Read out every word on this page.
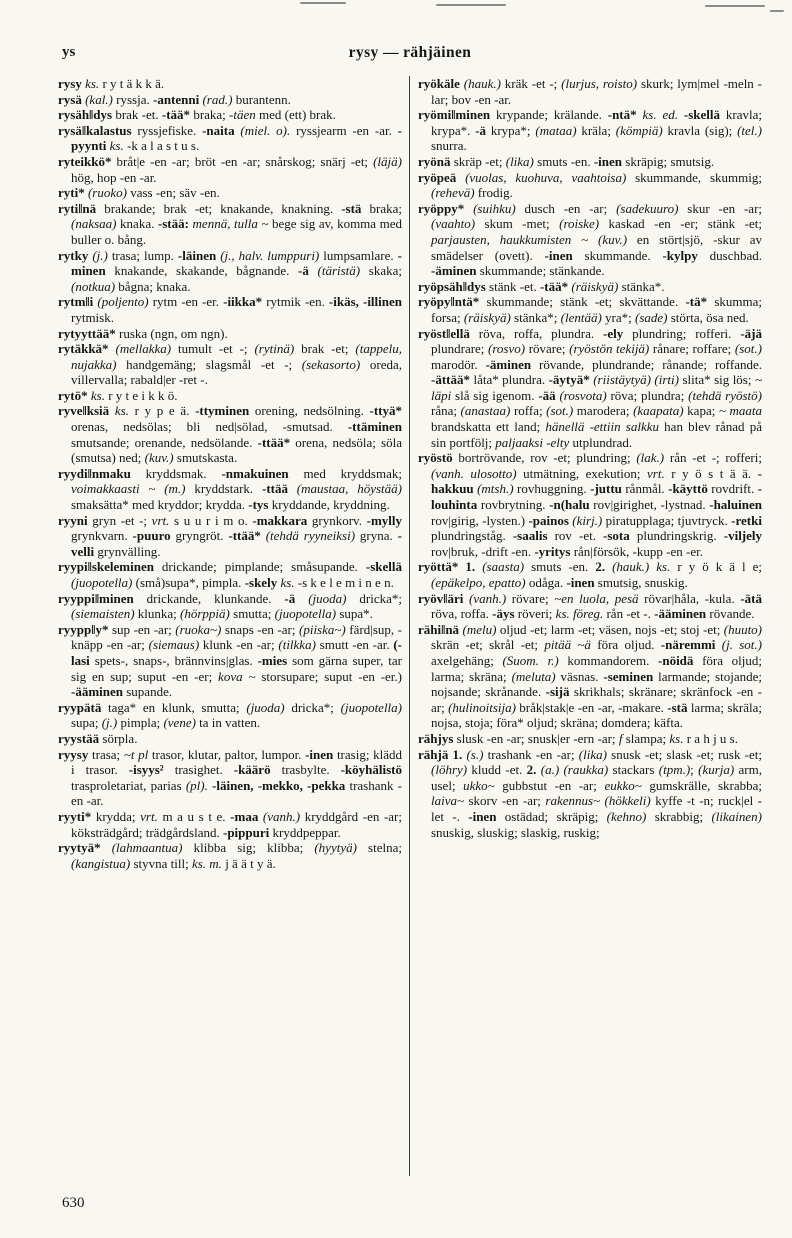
ys	rysy — rähjäinen

rysy ks. r y t ä k k ä.

rysä (kal.) ryssja. -antenni (rad.) burantenn.

rysäh‖dys brak -et. -tää* braka; -täen med (ett) brak.

rysä‖kalastus ryssjefiske. -naita (miel. o). ryssjearm -en -ar. -pyynti ks. -k a l a s t u s.

ryteikkö* bråt|e -en -ar; bröt -en -ar; snårskog; snärj -et; (läjä) hög, hop -en -ar.

ryti* (ruoko) vass -en; säv -en.

ryti‖nä brakande; brak -et; knakande, knakning. -stä braka; (naksaa) knaka. -stää: mennä, tulla ~ bege sig av, komma med buller o. bång.

rytky (j.) trasa; lump. -läinen (j., halv. lumppuri) lumpsamlare. -minen knakande, skakande, bågnande. -ä (täristä) skaka; (notkua) bågna; knaka.

rytm‖i (poljento) rytm -en -er. -iikka* rytmik -en. -ikäs, -illinen rytmisk.

rytyyttää* ruska (ngn, om ngn).

rytäkkä* (mellakka) tumult -et -; (rytinä) brak -et; (tappelu, nujakka) handgemäng; slagsmål -et -; (sekasorto) oreda, villervalla; rabald|er -ret -.

rytö* ks. r y t e i k k ö.

ryve‖ksiä ks. r y p e ä. -ttyminen orening, nedsölning. -ttyä* orenas, nedsölas; bli ned|sölad, -smutsad. -ttäminen smutsande; orenande, nedsölande. -ttää* orena, nedsöla; söla (smutsa) ned; (kuv.) smutskasta.

ryydi‖nmaku kryddsmak. -nmakuinen med kryddsmak; voimakkaasti ~ (m.) kryddstark. -ttää (maustaa, höystää) smaksätta* med kryddor; krydda. -tys kryddande, kryddning.

ryyni gryn -et -; vrt. s u u r i m o. -makkara grynkorv. -mylly grynkvarn. -puuro gryngröt. -ttää* (tehdä ryyneiksi) gryna. -velli grynvälling.

ryypi‖skeleminen drickande; pimplande; småsupande. -skellä (juopotella) (små)supa*, pimpla. -skely ks. -s k e l e m i n e n.

ryyppi‖minen drickande, klunkande. -ä (juoda) dricka*; (siemaisten) klunka; (hörppiä) smutta; (juopotella) supa*.

ryypp‖y* sup -en -ar; (ruoka~) snaps -en -ar; (piiska~) färd|sup, -knäpp -en -ar; (siemaus) klunk -en -ar; (tilkka) smutt -en -ar. (-lasi spets-, snaps-, brännvins|glas. -mies som gärna super, tar sig en sup; suput -en -er; kova ~ storsupare; suput -en -er.) -ääminen supande.

ryypätä taga* en klunk, smutta; (juoda) dricka*; (juopotella) supa; (j.) pimpla; (vene) ta in vatten.

ryystää sörpla.

ryysy trasa; ~t pl trasor, klutar, paltor, lumpor. -inen trasig; klädd i trasor. -isyys² trasighet. -käärö trasbylte. -köyhälistö trasproletariat, parias (pl). -läinen, -mekko, -pekka trashank -en -ar.

ryyti* krydda; vrt. m a u s t e. -maa (vanh.) kryddgård -en -ar; köksträdgård; trädgårdsland. -pippuri kryddpeppar.

ryytyä* (lahmaantua) klibba sig; klibba; (hyytyä) stelna; (kangistua) styvna till; ks. m. j ä ä t y ä.

ryökäle (hauk.) kräk -et -; (lurjus, roisto) skurk; lym|mel -meln -lar; bov -en -ar.

ryömi‖minen krypande; krälande. -ntä* ks. ed. -skellä kravla; krypa*. -ä krypa*; (mataa) kräla; (kömpiä) kravla (sig); (tel.) snurra.

ryönä skräp -et; (lika) smuts -en. -inen skräpig; smutsig.

ryöpeä (vuolas, kuohuva, vaahtoisa) skummande, skummig; (rehevä) frodig.

ryöppy* (suihku) dusch -en -ar; (sadekuuro) skur -en -ar; (vaahto) skum -met; (roiske) kaskad -en -er; stänk -et; parjausten, haukkumisten ~ (kuv.) en stört|sjö, -skur av smädelser (ovett). -inen skummande. -kylpy duschbad. -äminen skummande; stänkande.

ryöpsäh‖dys stänk -et. -tää* (räiskyä) stänka*.

ryöpy‖ntä* skummande; stänk -et; skvättande. -tä* skumma; forsa; (räiskyä) stänka*; (lentää) yra*; (sade) störta, ösa ned.

ryöst‖ellä röva, roffa, plundra. -ely plundring; rofferi. -äjä plundrare; (rosvo) rövare; (ryöstön tekijä) rånare; roffare; (sot.) marodör. -äminen rövande, plundrande; rånande; roffande. -ättää* låta* plundra. -äytyä* (riistäytyä) (irti) slita* sig lös; ~ läpi slå sig igenom. -ää (rosvota) röva; plundra; (tehdä ryöstö) råna; (anastaa) roffa; (sot.) marodera; (kaapata) kapa; ~ maata brandskatta ett land; hänellä -ettiin salkku han blev rånad på sin portfölj; paljaaksi -elty utplundrad.

ryöstö bortrövande, rov -et; plundring; (lak.) rån -et -; rofferi; (vanh. ulosotto) utmätning, exekution; vrt. r y ö s t ä ä. -hakkuu (mtsh.) rovhuggning. -juttu rånmål. -käyttö rovdrift. -louhinta rovbrytning. -n(halu rov|girighet, -lystnad. -haluinen rov|girig, -lysten.) -painos (kirj.) piratupplaga; tjuvtryck. -retki plundringståg. -saalis rov -et. -sota plundringskrig. -viljely rov|bruk, -drift -en. -yritys rån|försök, -kupp -en -er.

ryöttä* 1. (saasta) smuts -en. 2. (hauk.) ks. r y ö k ä l e; (epäkelpo, epatto) odåga. -inen smutsig, snuskig.

ryöv‖äri (vanh.) rövare; ~en luola, pesä rövar|håla, -kula. -ätä röva, roffa. -äys röveri; ks. föreg. rån -et -. -ääminen rövande.

rähi‖nä (melu) oljud -et; larm -et; väsen, nojs -et; stoj -et; (huuto) skrän -et; skrål -et; pitää ~ä föra oljud. -näremmi (j. sot.) axelgehäng; (Suom. r.) kommandorem. -nöidä föra oljud; larma; skräna; (meluta) väsnas. -seminen larmande; stojande; nojsande; skrånande. -sijä skrikhals; skränare; skränfock -en -ar; (hulinoitsija) bråk|stak|e -en -ar, -makare. -stä larma; skräla; nojsa, stoja; föra* oljud; skräna; domdera; käfta.

rähjys slusk -en -ar; snusk|er -ern -ar; f slampa; ks. r a h j u s.

rähjä 1. (s.) trashank -en -ar; (lika) snusk -et; slask -et; rusk -et; (löhry) kludd -et. 2. (a.) (raukka) stackars (tpm.); (kurja) arm, usel; ukko~ gubbstut -en -ar; eukko~ gumskrälle, skrabba; laiva~ skorv -en -ar; rakennus~ (hökkeli) kyffe -t -n; ruck|el -let -. -inen ostädad; skräpig; (kehno) skrabbig; (likainen) snuskig, sluskig; slaskig, ruskig;

630
